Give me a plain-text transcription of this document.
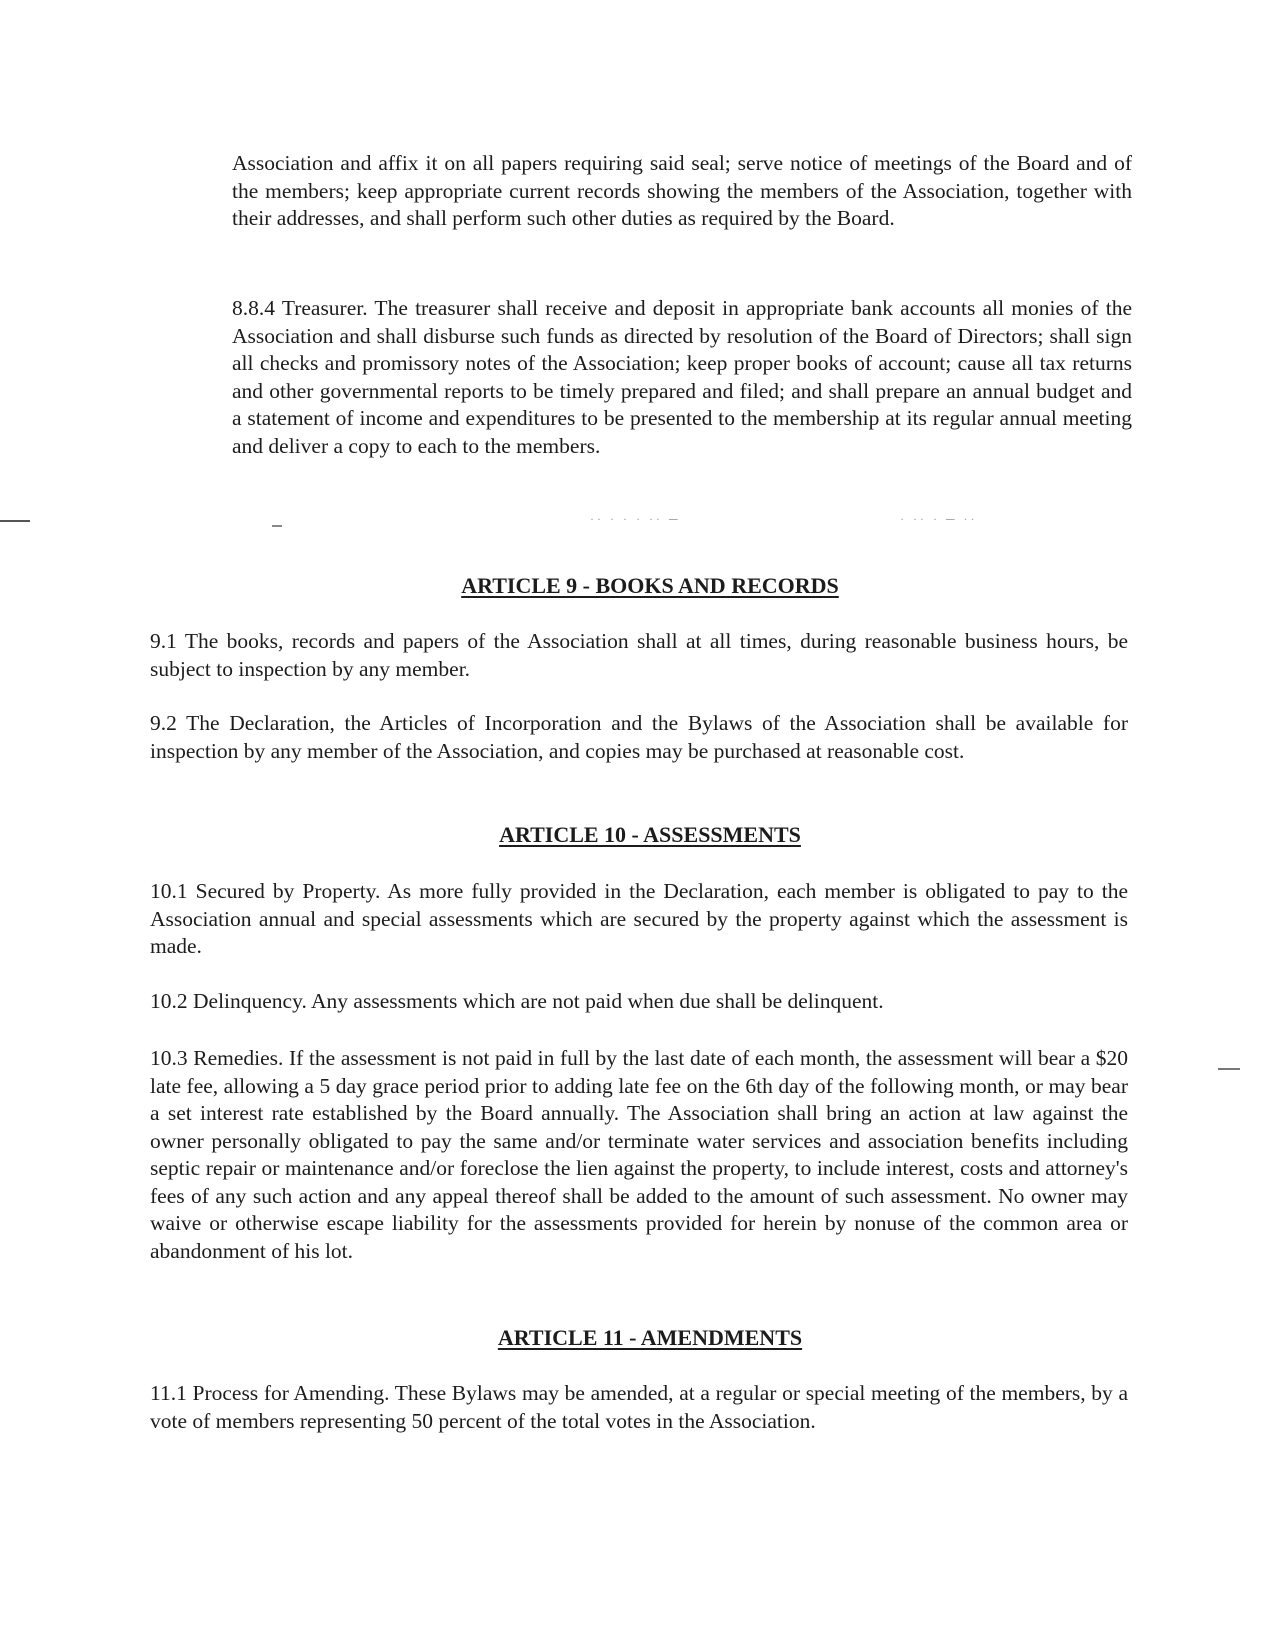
·· · · · ·· ─	· ·· · ─ ··

Association and affix it on all papers requiring said seal; serve notice of meetings of the Board and of the members; keep appropriate current records showing the members of the Association, together with their addresses, and shall perform such other duties as required by the Board.

8.8.4 Treasurer. The treasurer shall receive and deposit in appropriate bank accounts all monies of the Association and shall disburse such funds as directed by resolution of the Board of Directors; shall sign all checks and promissory notes of the Association; keep proper books of account; cause all tax returns and other governmental reports to be timely prepared and filed; and shall prepare an annual budget and a statement of income and expenditures to be presented to the membership at its regular annual meeting and deliver a copy to each to the members.

ARTICLE 9 - BOOKS AND RECORDS

9.1 The books, records and papers of the Association shall at all times, during reasonable business hours, be subject to inspection by any member.

9.2 The Declaration, the Articles of Incorporation and the Bylaws of the Association shall be available for inspection by any member of the Association, and copies may be purchased at reasonable cost.

ARTICLE 10 - ASSESSMENTS

10.1 Secured by Property. As more fully provided in the Declaration, each member is obligated to pay to the Association annual and special assessments which are secured by the property against which the assessment is made.

10.2 Delinquency. Any assessments which are not paid when due shall be delinquent.

10.3 Remedies. If the assessment is not paid in full by the last date of each month, the assessment will bear a $20 late fee, allowing a 5 day grace period prior to adding late fee on the 6th day of the following month, or may bear a set interest rate established by the Board annually. The Association shall bring an action at law against the owner personally obligated to pay the same and/or terminate water services and association benefits including septic repair or maintenance and/or foreclose the lien against the property, to include interest, costs and attorney's fees of any such action and any appeal thereof shall be added to the amount of such assessment. No owner may waive or otherwise escape liability for the assessments provided for herein by nonuse of the common area or abandonment of his lot.

ARTICLE 11 - AMENDMENTS

11.1 Process for Amending. These Bylaws may be amended, at a regular or special meeting of the members, by a vote of members representing 50 percent of the total votes in the Association.
